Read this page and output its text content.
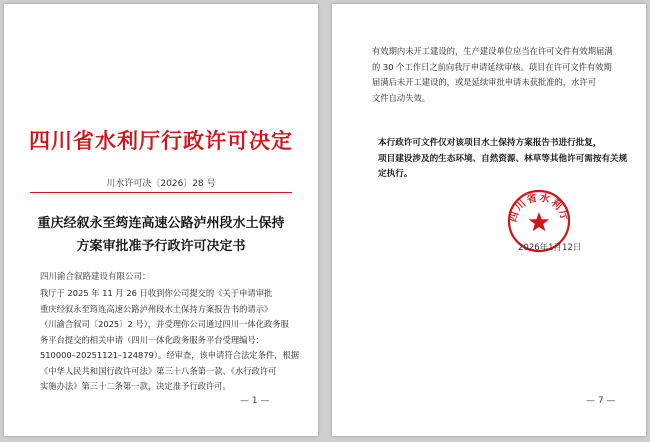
四川省水利厅行政许可决定
川水许可决〔2026〕28 号
重庆经叙永至筠连高速公路泸州段水土保持
方案审批准予行政许可决定书
四川渝合叙路建设有限公司：
我厅于 2025 年 11 月 26 日收到你公司提交的《关于申请审批
重庆经叙永至筠连高速公路泸州段水土保持方案报告书的请示》
（川渝合叙司〔2025〕2 号），并受理你公司通过四川一体化政务服
务平台提交的相关申请（四川一体化政务服务平台受理编号：
510000–20251121–124879）。经审查，该申请符合法定条件，根据
《中华人民共和国行政许可法》第三十八条第一款、《水行政许可
实施办法》第三十二条第一款，决定准予行政许可。
— 1 —
有效期内未开工建设的，生产建设单位应当在许可文件有效期届满
的 30 个工作日之前向我厅申请延续审核。项目在许可文件有效期
届满后未开工建设的，或是延续审批申请未获批准的，水许可
文件自动失效。
本行政许可文件仅对该项目水土保持方案报告书进行批复，
项目建设涉及的生态环境、自然资源、林草等其他许可需按有关规
定执行。
四川省水利厅
2026年1月12日
— 7 —
